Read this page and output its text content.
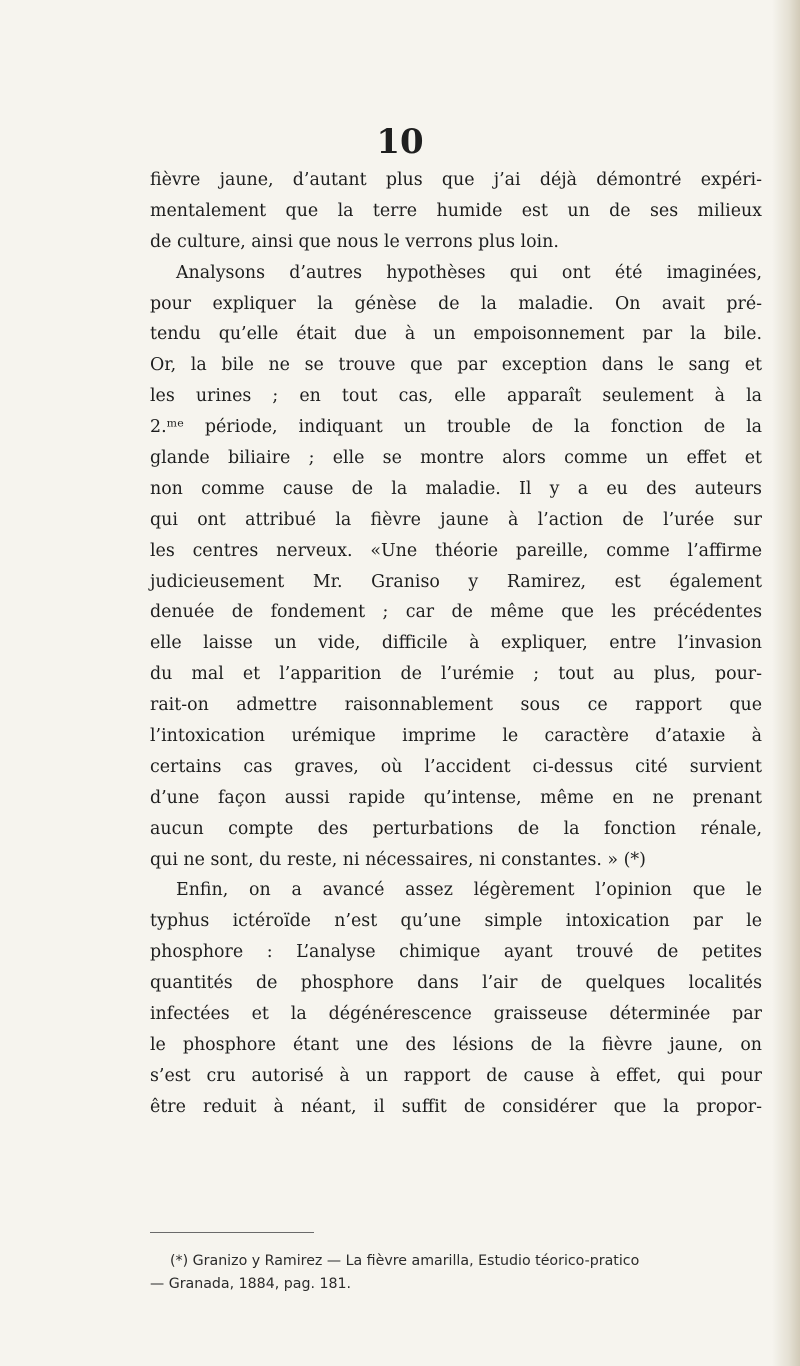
10
fièvre jaune, d’autant plus que j’ai déjà démontré expéri-
mentalement que la terre humide est un de ses milieux
de culture, ainsi que nous le verrons plus loin.
Analysons d’autres hypothèses qui ont été imaginées,
pour expliquer la génèse de la maladie. On avait pré-
tendu qu’elle était due à un empoisonnement par la bile.
Or, la bile ne se trouve que par exception dans le sang et
les urines ; en tout cas, elle apparaît seulement à la
2.ᵐᵉ période, indiquant un trouble de la fonction de la
glande biliaire ; elle se montre alors comme un effet et
non comme cause de la maladie. Il y a eu des auteurs
qui ont attribué la fièvre jaune à l’action de l’urée sur
les centres nerveux. «Une théorie pareille, comme l’affirme
judicieusement Mr. Graniso y Ramirez, est également
denuée de fondement ; car de même que les précédentes
elle laisse un vide, difficile à expliquer, entre l’invasion
du mal et l’apparition de l’urémie ; tout au plus, pour-
rait-on admettre raisonnablement sous ce rapport que
l’intoxication urémique imprime le caractère d’ataxie à
certains cas graves, où l’accident ci-dessus cité survient
d’une façon aussi rapide qu’intense, même en ne prenant
aucun compte des perturbations de la fonction rénale,
qui ne sont, du reste, ni nécessaires, ni constantes. » (*)
Enfin, on a avancé assez légèrement l’opinion que le
typhus ictéroïde n’est qu’une simple intoxication par le
phosphore : L’analyse chimique ayant trouvé de petites
quantités de phosphore dans l’air de quelques localités
infectées et la dégénérescence graisseuse déterminée par
le phosphore étant une des lésions de la fièvre jaune, on
s’est cru autorisé à un rapport de cause à effet, qui pour
être reduit à néant, il suffit de considérer que la propor-
(*) Granizo y Ramirez — La fièvre amarilla, Estudio téorico-pratico
— Granada, 1884, pag. 181.
